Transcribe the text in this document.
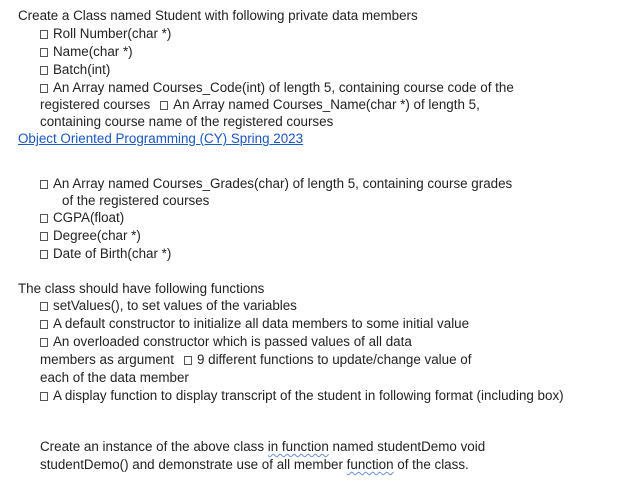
Create a Class named Student with following private data members
Roll Number(char *)
Name(char *)
Batch(int)
An Array named Courses_Code(int) of length 5, containing course code of the
registered courses An Array named Courses_Name(char *) of length 5,
containing course name of the registered courses
Object Oriented Programming (CY) Spring 2023
An Array named Courses_Grades(char) of length 5, containing course grades
of the registered courses
CGPA(float)
Degree(char *)
Date of Birth(char *)
The class should have following functions
setValues(), to set values of the variables
A default constructor to initialize all data members to some initial value
An overloaded constructor which is passed values of all data
members as argument 9 different functions to update/change value of
each of the data member
A display function to display transcript of the student in following format (including box)
Create an instance of the above class in function named studentDemo void
studentDemo() and demonstrate use of all member function of the class.
